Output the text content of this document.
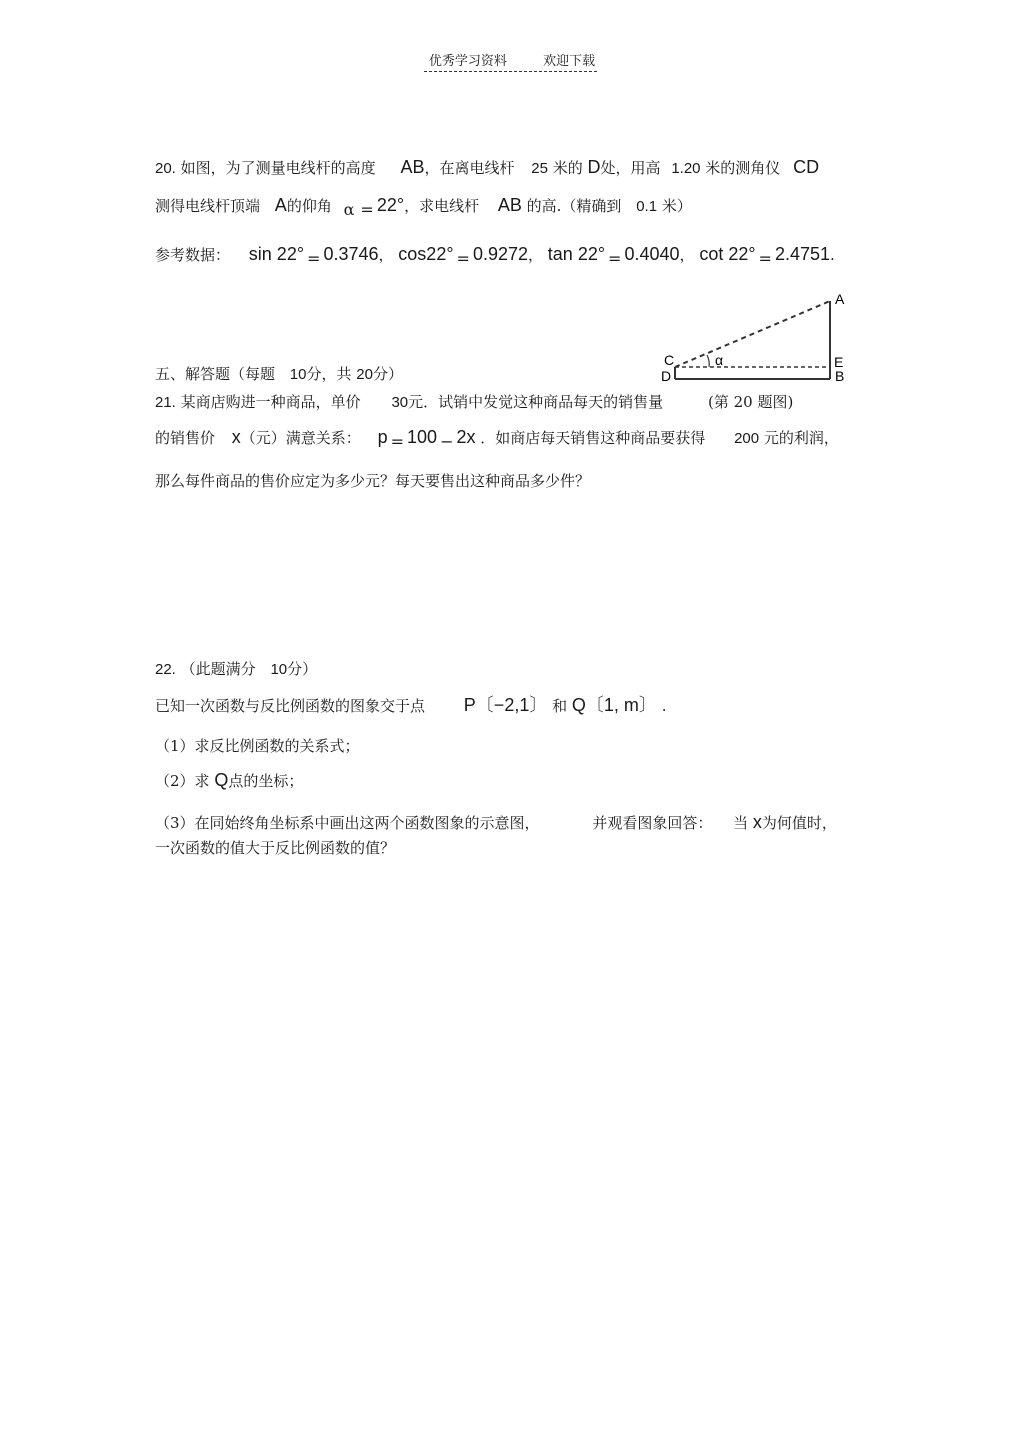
优秀学习资料	欢迎下载
20. 如图，为了测量电线杆的高度 AB，在离电线杆 25 米的 D处，用高 1.20 米的测角仪 CD
测得电线杆顶端 A的仰角 α = 22°，求电线杆 AB 的高.（精确到 0.1 米）
参考数据： sin 22° = 0.3746， cos22° = 0.9272， tan 22° = 0.4040， cot 22° = 2.4751.
A
C
D
E
B
α
(第 20 题图)
五、解答题（每题 10分，共 20分）
21. 某商店购进一种商品，单价 30元．试销中发觉这种商品每天的销售量
的销售价 x（元）满意关系： p = 100 − 2x ．如商店每天销售这种商品要获得 200 元的利润，
那么每件商品的售价应定为多少元？每天要售出这种商品多少件？
22. （此题满分 10分）
已知一次函数与反比例函数的图象交于点 P〔−2,1〕 和 Q〔1, m〕 .
（1）求反比例函数的关系式；
（2）求 Q点的坐标；
（3）在同始终角坐标系中画出这两个函数图象的示意图，	并观看图象回答： 当 x为何值时，
一次函数的值大于反比例函数的值？
